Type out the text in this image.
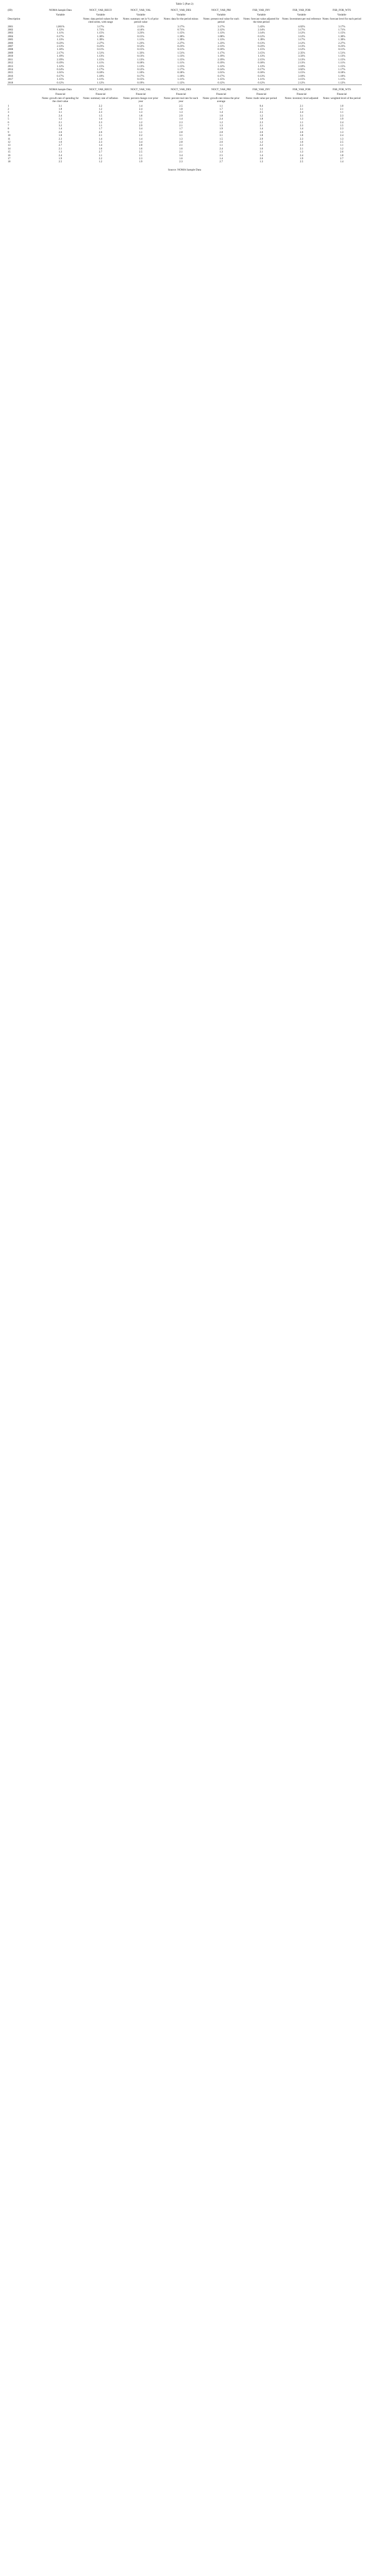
Table 5 (Part 2)
(ID)	NOMA Sample Data	NOCT_VAR_RECO	NOCT_VAR_VAL	NOCT_VAR_DES	NOCT_VAR_PRI	FSR_VAR_INV	FSR_VAR_FOR	FSR_FOR_WTS
	Variable	Variable	Variable	Variable	Variable	Variable	Variable	Variable
Description		Notes: data period values for the cited series, with range	Notes: summary set in % of prior period value	Notes: data for the period minus	Notes: present real value for each period	Notes: forecast value adjusted for the time period	Notes: Investment per real reference	Notes: forecast level for each period
2001	1,001%	3.17%	2.13%	3.17%	3.17%	5.43%	4.02%	3.17%
2002	1.12%	1.71%	4.14%	0.71%	2.12%	2.14%	3.17%	1.71%
2003	1.11%	1.15%	3.23%	1.15%	1.13%	3.14%	3.12%	1.15%
2004	0.17%	1.30%	0.15%	1.30%	1.00%	0.12%	3.12%	1.30%
2005	1.13%	1.39%	1.11%	1.39%	1.13%	1.39%	3.17%	1.39%
2006	0.23%	2.27%	1.23%	2.27%	1.23%	0.13%	3.12%	2.27%
2007	2.13%	0.23%	0.53%	0.23%	2.13%	0.23%	3.13%	0.23%
2008	1.10%	0.11%	0.15%	0.11%	0.10%	1.15%	3.12%	0.11%
2009	2.17%	1.51%	1.33%	1.51%	1.17%	3.15%	2.35%	1.51%
2010	1.19%	1.13%	0.13%	1.13%	1.19%	1.13%	3.33%	1.13%
2011	2.19%	1.15%	1.13%	1.15%	2.19%	2.15%	3.13%	1.15%
2012	0.19%	1.11%	0.18%	1.11%	0.19%	0.18%	2.13%	1.11%
2013	1.12%	1.15%	1.13%	1.15%	1.12%	1.13%	3.10%	1.15%
2014	0.14%	1.17%	0.12%	1.17%	0.14%	0.17%	3.02%	1.17%
2015	1.01%	0.18%	1.10%	0.18%	1.01%	0.18%	3.15%	0.18%
2016	0.17%	1.10%	0.17%	1.10%	0.17%	0.13%	3.10%	1.10%
2017	1.15%	1.11%	0.15%	1.11%	1.15%	1.11%	3.15%	1.11%
2018	0.12%	1.12%	0.19%	1.12%	0.12%	0.12%	2.12%	1.12%
	NOMA Sample Data	NOCT_VAR_RECO	NOCT_VAR_VAL	NOCT_VAR_DES	NOCT_VAR_PRI	FSR_VAR_INV	FSR_VAR_FOR	FSR_FOR_WTS
	Financial	Financial	Financial	Financial	Financial	Financial	Financial	Financial
	Notes: growth rate of spending for the cited value	Notes: summary rate of inflation	Notes: percent change over prior year	Notes: percent real rate for each year	Notes: growth rate minus the prior average	Notes: trade value per period	Notes: inventory level adjusted	Notes: weighted level of the period
1	3.1	2.2	1.4	2.5	1.1	0.4	2.1	1.0
2	1.8	1.2	2.4	1.8	1.7	1.1	3.1	2.1
3	3.1	2.3	1.3	1.3	1.4	2.5	2.4	1.1
4	2.4	1.5	1.8	2.9	1.8	1.2	3.1	2.3
5	1.2	1.4	3.1	1.4	2.4	1.8	1.3	1.9
6	2.1	2.3	1.2	2.3	1.2	2.3	1.1	2.4
7	3.2	1.1	2.9	2.1	1.3	2.1	2.3	1.5
8	1.4	1.7	3.4	1.7	1.9	1.4	1.4	2.3
9	2.6	2.6	1.1	2.8	2.8	2.6	2.6	1.3
10	1.8	2.1	2.2	3.1	3.1	1.8	1.8	2.4
11	2.3	1.4	1.4	1.3	1.5	2.9	2.3	1.3
12	1.6	2.3	3.4	2.8	2.6	1.2	1.6	2.5
13	2.7	1.4	2.8	2.1	1.1	2.2	2.3	1.1
14	2.1	1.6	1.6	1.6	2.4	1.6	2.1	1.2
15	1.3	2.7	2.5	2.1	1.3	2.1	1.3	2.6
16	2.4	1.1	1.1	3.4	2.5	1.4	2.4	1.8
17	1.9	2.2	2.3	1.6	1.4	2.6	1.9	2.7
18	2.5	1.2	1.9	2.3	2.7	1.3	2.5	1.4
Source: NOMA Sample Data
